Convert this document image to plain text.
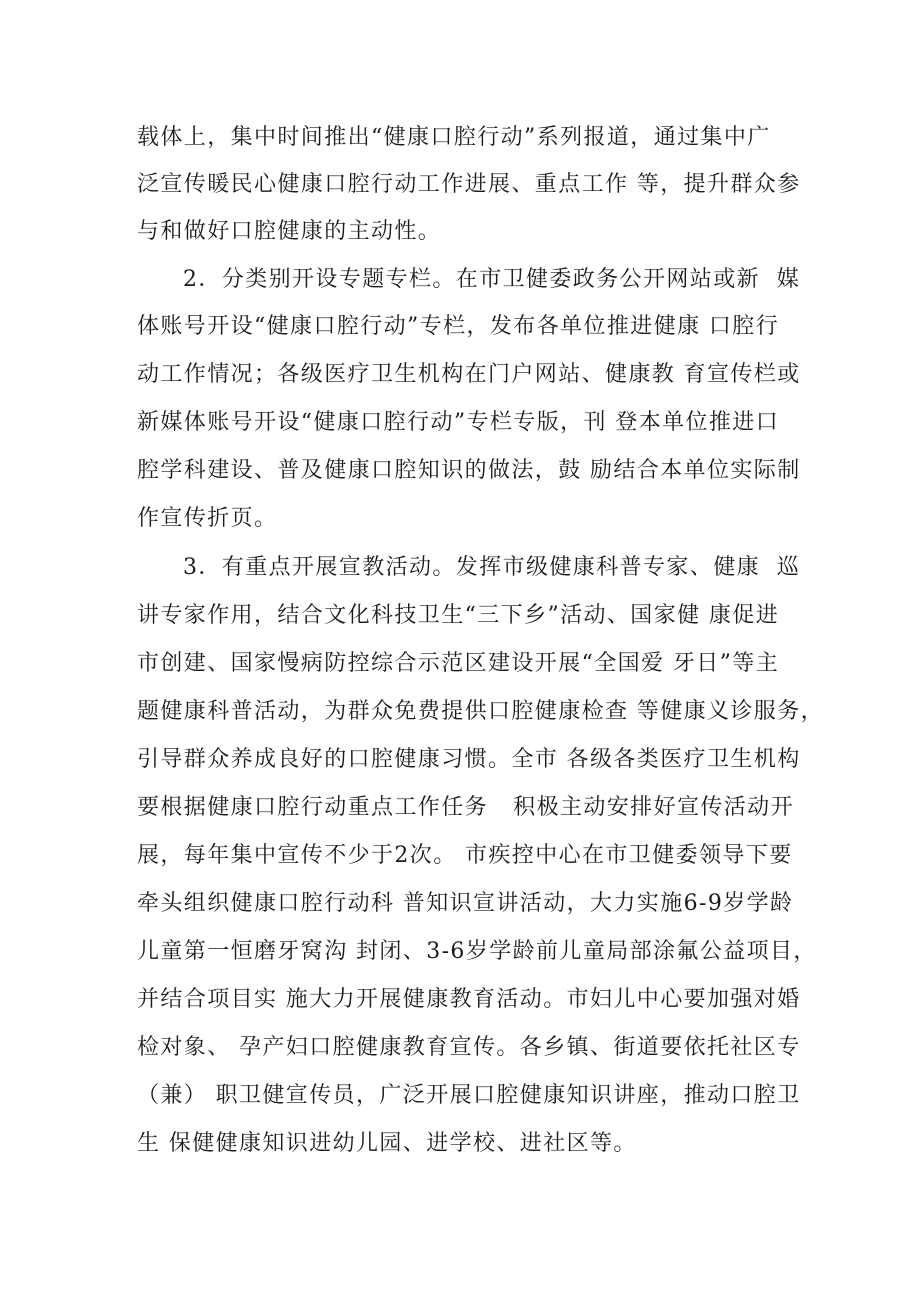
载体上，集中时间推出“健康口腔行动”系列报道，通过集中广
泛宣传暖民心健康口腔行动工作进展、重点工作 等，提升群众参
与和做好口腔健康的主动性。
2．分类别开设专题专栏。在市卫健委政务公开网站或新  媒
体账号开设“健康口腔行动”专栏，发布各单位推进健康 口腔行
动工作情况；各级医疗卫生机构在门户网站、健康教 育宣传栏或
新媒体账号开设“健康口腔行动”专栏专版，刊 登本单位推进口
腔学科建设、普及健康口腔知识的做法，鼓 励结合本单位实际制
作宣传折页。
3．有重点开展宣教活动。发挥市级健康科普专家、健康  巡
讲专家作用，结合文化科技卫生“三下乡”活动、国家健 康促进
市创建、国家慢病防控综合示范区建设开展“全国爱 牙日”等主
题健康科普活动，为群众免费提供口腔健康检查 等健康义诊服务，
引导群众养成良好的口腔健康习惯。全市 各级各类医疗卫生机构
要根据健康口腔行动重点工作任务   积极主动安排好宣传活动开
展，每年集中宣传不少于2次。 市疾控中心在市卫健委领导下要
牵头组织健康口腔行动科 普知识宣讲活动，大力实施6-9岁学龄
儿童第一恒磨牙窝沟 封闭、3-6岁学龄前儿童局部涂氟公益项目，
并结合项目实 施大力开展健康教育活动。市妇儿中心要加强对婚
检对象、 孕产妇口腔健康教育宣传。各乡镇、街道要依托社区专
（兼） 职卫健宣传员，广泛开展口腔健康知识讲座，推动口腔卫
生 保健健康知识进幼儿园、进学校、进社区等。
